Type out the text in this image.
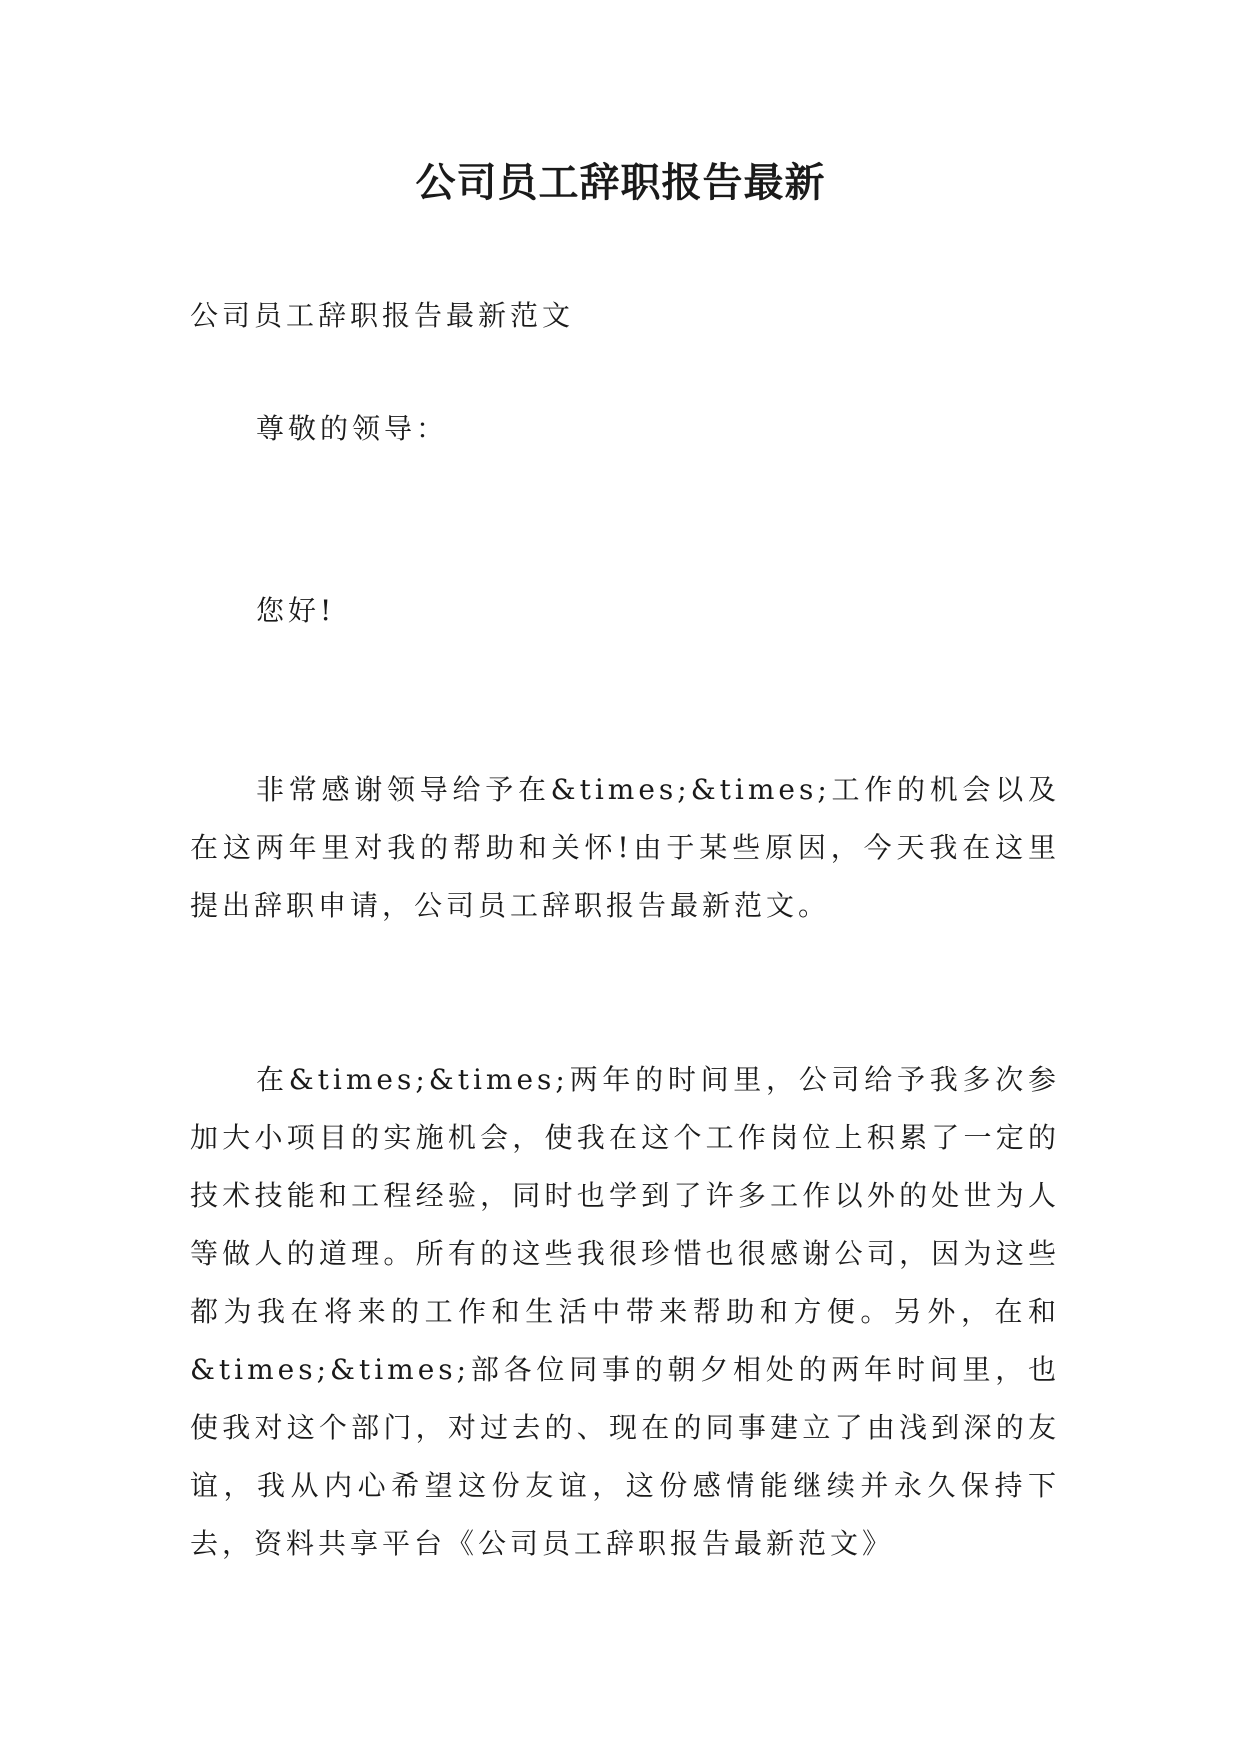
公司员工辞职报告最新

公司员工辞职报告最新范文

尊敬的领导：

您好!

非常感谢领导给予在&times;&times;工作的机会以及在这两年里对我的帮助和关怀!由于某些原因，今天我在这里提出辞职申请，公司员工辞职报告最新范文。

在&times;&times;两年的时间里，公司给予我多次参加大小项目的实施机会，使我在这个工作岗位上积累了一定的技术技能和工程经验，同时也学到了许多工作以外的处世为人等做人的道理。所有的这些我很珍惜也很感谢公司，因为这些都为我在将来的工作和生活中带来帮助和方便。另外，在和&times;&times;部各位同事的朝夕相处的两年时间里，也使我对这个部门，对过去的、现在的同事建立了由浅到深的友谊，我从内心希望这份友谊，这份感情能继续并永久保持下去，资料共享平台《公司员工辞职报告最新范文》
